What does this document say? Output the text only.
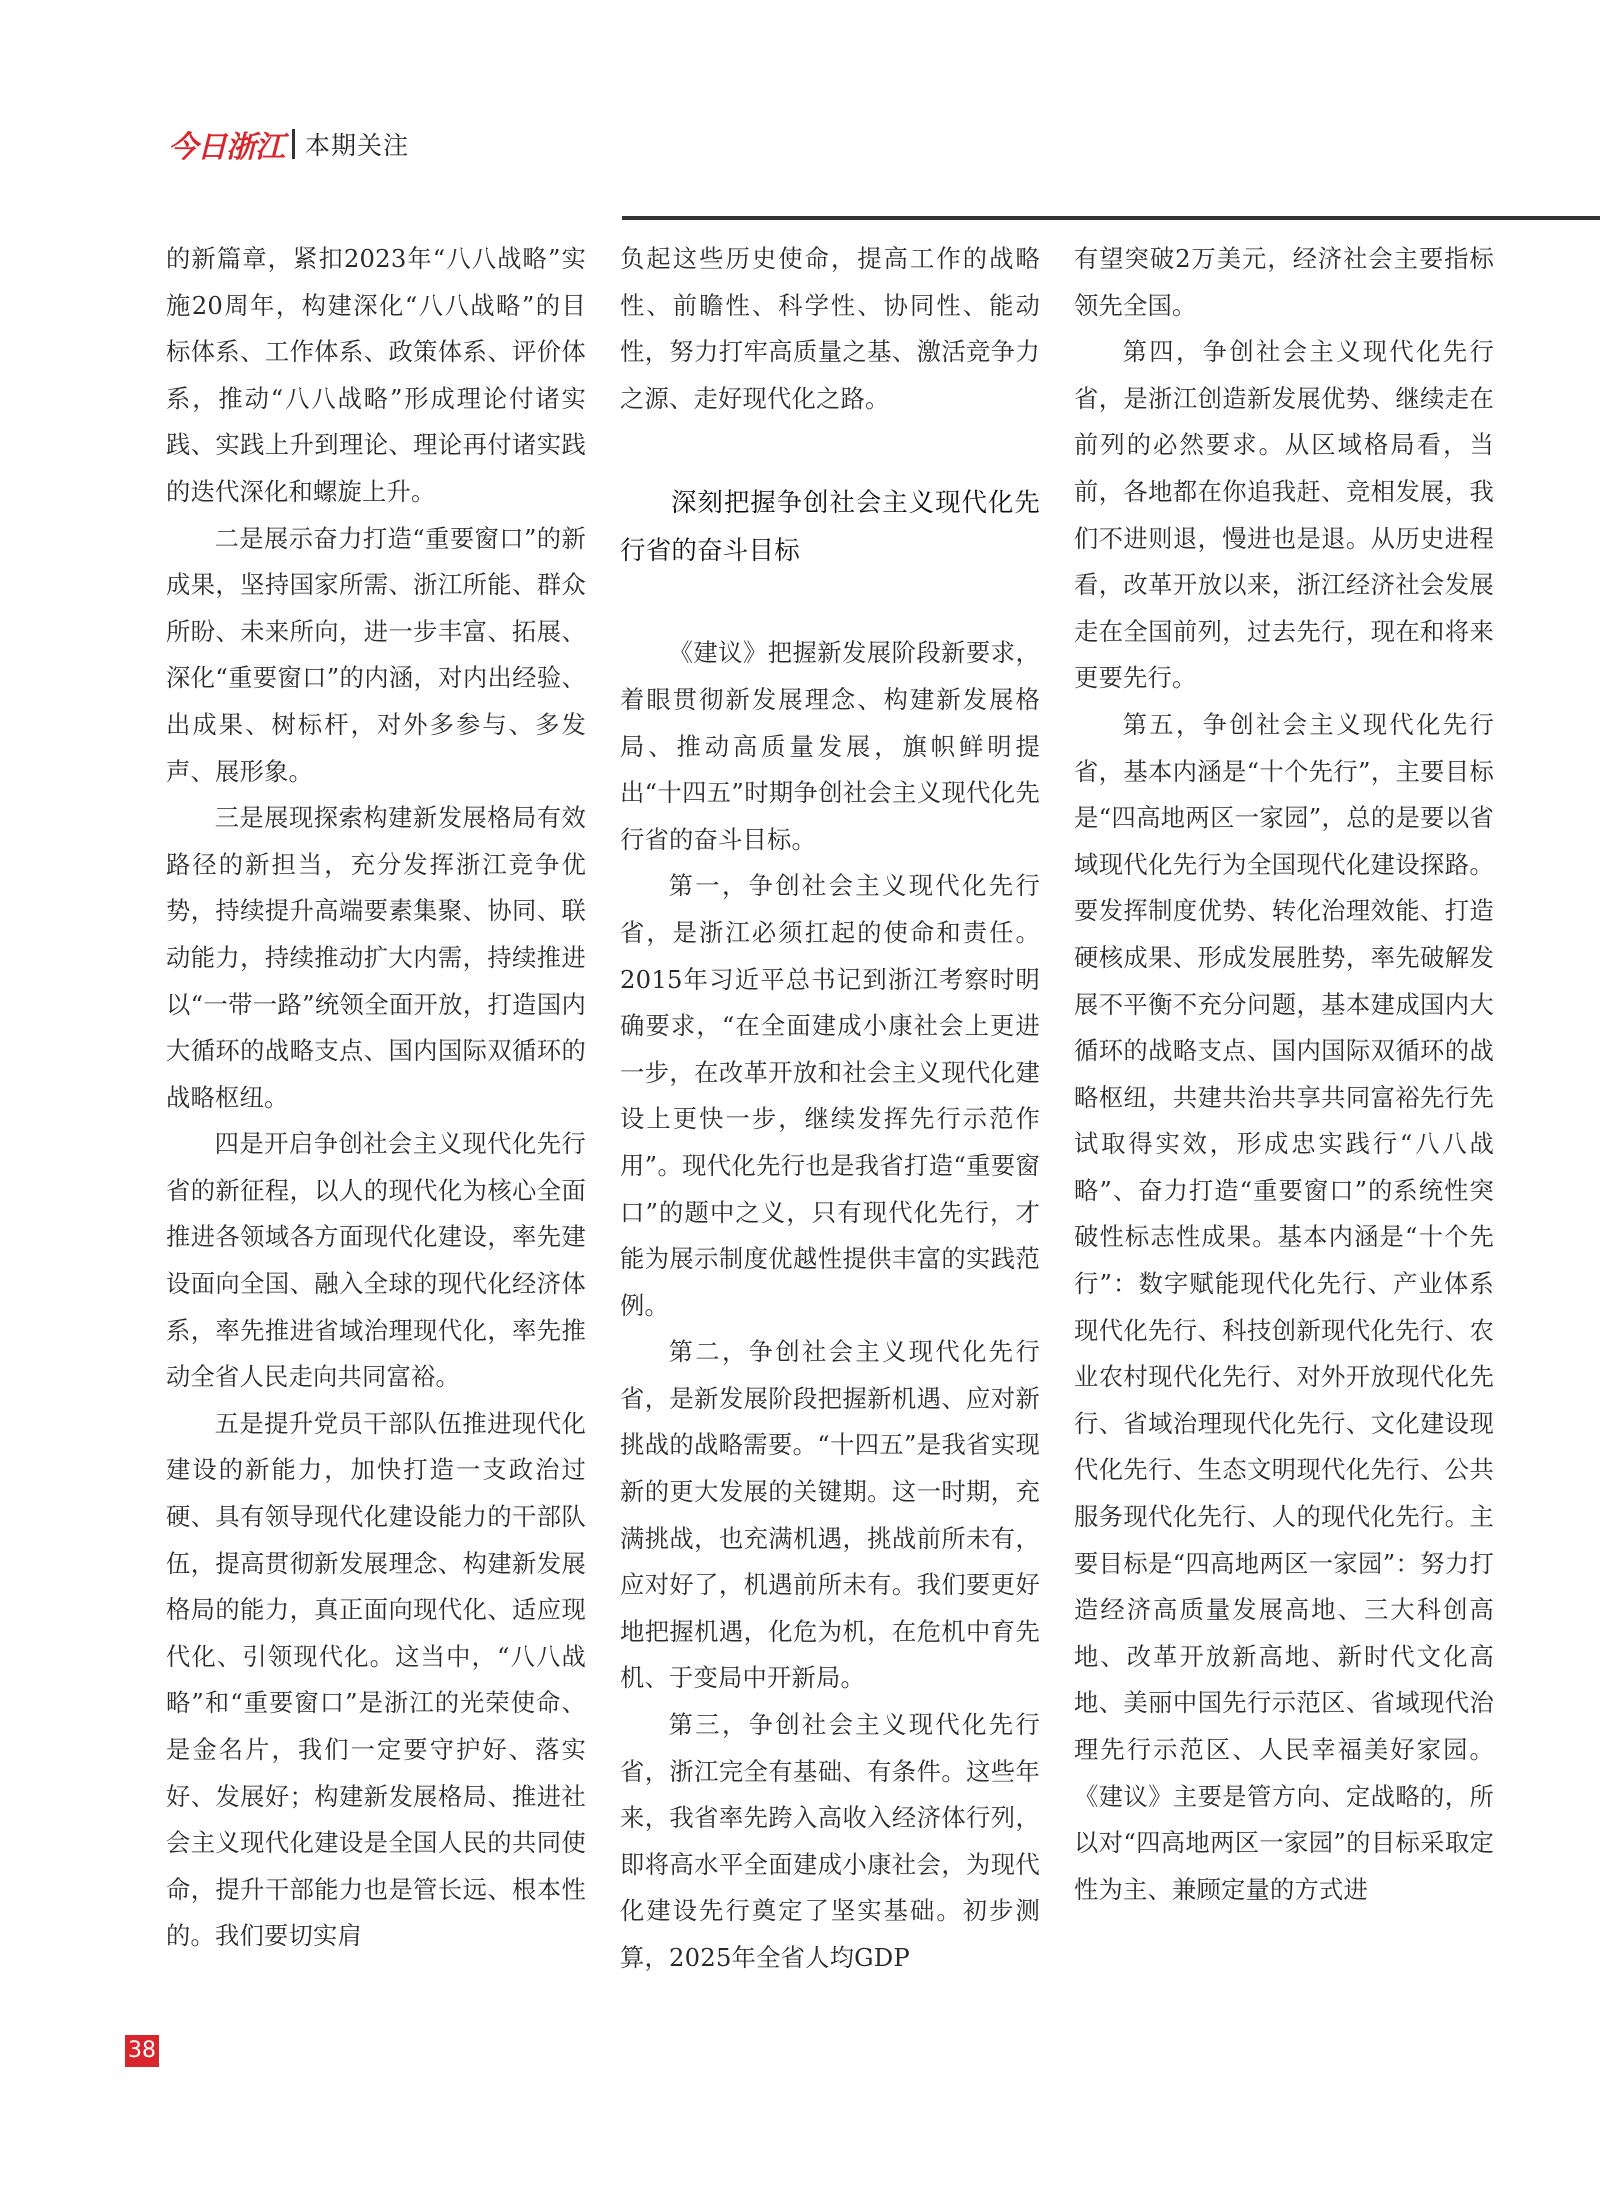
今日浙江 本期关注

的新篇章，紧扣2023年“八八战略”实施20周年，构建深化“八八战略”的目标体系、工作体系、政策体系、评价体系，推动“八八战略”形成理论付诸实践、实践上升到理论、理论再付诸实践的迭代深化和螺旋上升。

二是展示奋力打造“重要窗口”的新成果，坚持国家所需、浙江所能、群众所盼、未来所向，进一步丰富、拓展、深化“重要窗口”的内涵，对内出经验、出成果、树标杆，对外多参与、多发声、展形象。

三是展现探索构建新发展格局有效路径的新担当，充分发挥浙江竞争优势，持续提升高端要素集聚、协同、联动能力，持续推动扩大内需，持续推进以“一带一路”统领全面开放，打造国内大循环的战略支点、国内国际双循环的战略枢纽。

四是开启争创社会主义现代化先行省的新征程，以人的现代化为核心全面推进各领域各方面现代化建设，率先建设面向全国、融入全球的现代化经济体系，率先推进省域治理现代化，率先推动全省人民走向共同富裕。

五是提升党员干部队伍推进现代化建设的新能力，加快打造一支政治过硬、具有领导现代化建设能力的干部队伍，提高贯彻新发展理念、构建新发展格局的能力，真正面向现代化、适应现代化、引领现代化。这当中，“八八战略”和“重要窗口”是浙江的光荣使命、是金名片，我们一定要守护好、落实好、发展好；构建新发展格局、推进社会主义现代化建设是全国人民的共同使命，提升干部能力也是管长远、根本性的。我们要切实肩

负起这些历史使命，提高工作的战略性、前瞻性、科学性、协同性、能动性，努力打牢高质量之基、激活竞争力之源、走好现代化之路。

深刻把握争创社会主义现代化先行省的奋斗目标

《建议》把握新发展阶段新要求，着眼贯彻新发展理念、构建新发展格局、推动高质量发展，旗帜鲜明提出“十四五”时期争创社会主义现代化先行省的奋斗目标。

第一，争创社会主义现代化先行省，是浙江必须扛起的使命和责任。2015年习近平总书记到浙江考察时明确要求，“在全面建成小康社会上更进一步，在改革开放和社会主义现代化建设上更快一步，继续发挥先行示范作用”。现代化先行也是我省打造“重要窗口”的题中之义，只有现代化先行，才能为展示制度优越性提供丰富的实践范例。

第二，争创社会主义现代化先行省，是新发展阶段把握新机遇、应对新挑战的战略需要。“十四五”是我省实现新的更大发展的关键期。这一时期，充满挑战，也充满机遇，挑战前所未有，应对好了，机遇前所未有。我们要更好地把握机遇，化危为机，在危机中育先机、于变局中开新局。

第三，争创社会主义现代化先行省，浙江完全有基础、有条件。这些年来，我省率先跨入高收入经济体行列，即将高水平全面建成小康社会，为现代化建设先行奠定了坚实基础。初步测算，2025年全省人均GDP

有望突破2万美元，经济社会主要指标领先全国。

第四，争创社会主义现代化先行省，是浙江创造新发展优势、继续走在前列的必然要求。从区域格局看，当前，各地都在你追我赶、竞相发展，我们不进则退，慢进也是退。从历史进程看，改革开放以来，浙江经济社会发展走在全国前列，过去先行，现在和将来更要先行。

第五，争创社会主义现代化先行省，基本内涵是“十个先行”，主要目标是“四高地两区一家园”，总的是要以省域现代化先行为全国现代化建设探路。要发挥制度优势、转化治理效能、打造硬核成果、形成发展胜势，率先破解发展不平衡不充分问题，基本建成国内大循环的战略支点、国内国际双循环的战略枢纽，共建共治共享共同富裕先行先试取得实效，形成忠实践行“八八战略”、奋力打造“重要窗口”的系统性突破性标志性成果。基本内涵是“十个先行”：数字赋能现代化先行、产业体系现代化先行、科技创新现代化先行、农业农村现代化先行、对外开放现代化先行、省域治理现代化先行、文化建设现代化先行、生态文明现代化先行、公共服务现代化先行、人的现代化先行。主要目标是“四高地两区一家园”：努力打造经济高质量发展高地、三大科创高地、改革开放新高地、新时代文化高地、美丽中国先行示范区、省域现代治理先行示范区、人民幸福美好家园。《建议》主要是管方向、定战略的，所以对“四高地两区一家园”的目标采取定性为主、兼顾定量的方式进

38
